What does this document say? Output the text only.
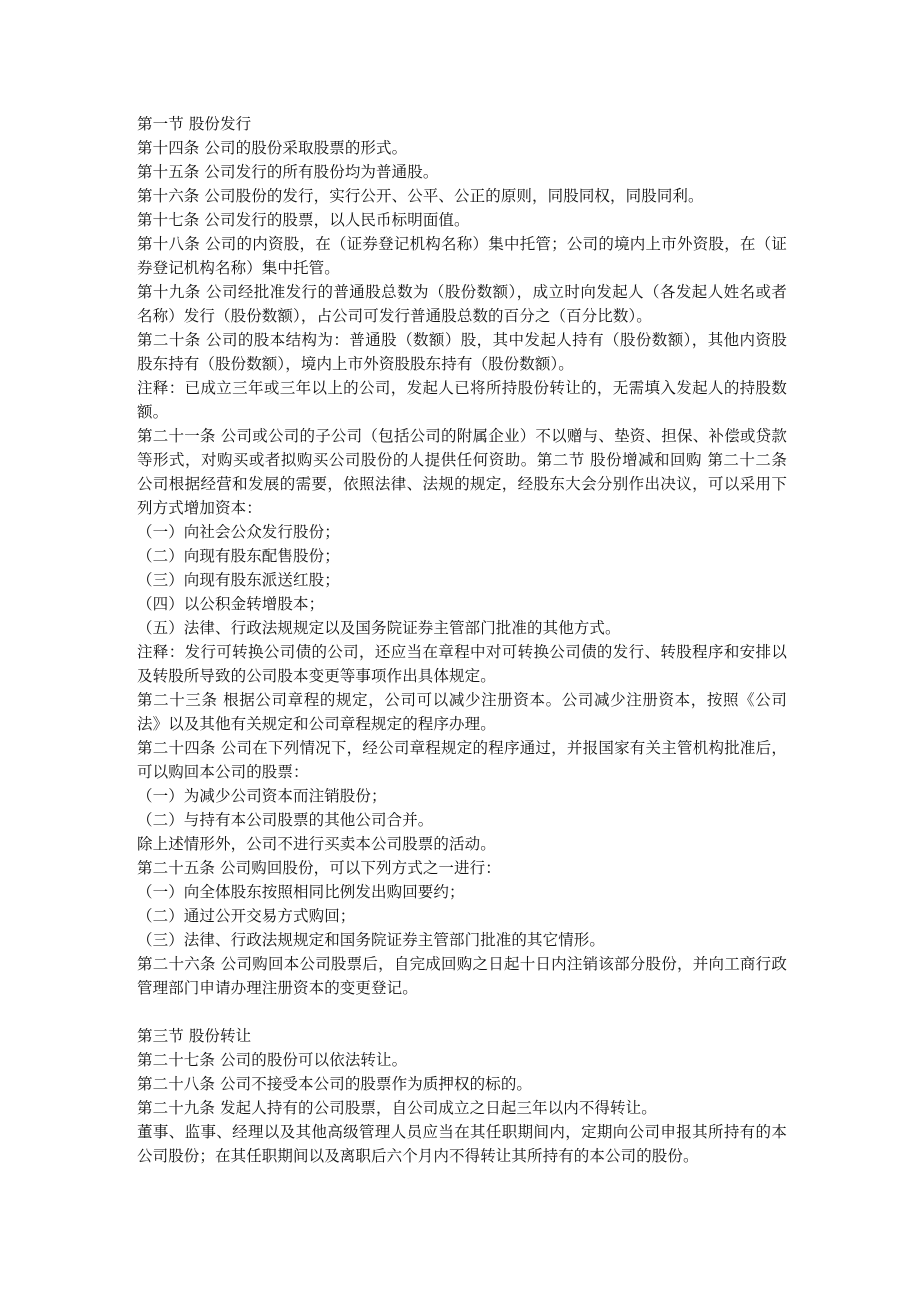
第一节 股份发行

第十四条 公司的股份采取股票的形式。

第十五条 公司发行的所有股份均为普通股。

第十六条 公司股份的发行，实行公开、公平、公正的原则，同股同权，同股同利。

第十七条 公司发行的股票，以人民币标明面值。

第十八条 公司的内资股，在（证券登记机构名称）集中托管；公司的境内上市外资股，在（证券登记机构名称）集中托管。

第十九条 公司经批准发行的普通股总数为（股份数额），成立时向发起人（各发起人姓名或者名称）发行（股份数额），占公司可发行普通股总数的百分之（百分比数）。

第二十条 公司的股本结构为：普通股（数额）股，其中发起人持有（股份数额），其他内资股股东持有（股份数额），境内上市外资股股东持有（股份数额）。

注释：已成立三年或三年以上的公司，发起人已将所持股份转让的，无需填入发起人的持股数额。

第二十一条 公司或公司的子公司（包括公司的附属企业）不以赠与、垫资、担保、补偿或贷款等形式，对购买或者拟购买公司股份的人提供任何资助。第二节 股份增减和回购 第二十二条 公司根据经营和发展的需要，依照法律、法规的规定，经股东大会分别作出决议，可以采用下列方式增加资本：

（一）向社会公众发行股份；

（二）向现有股东配售股份；

（三）向现有股东派送红股；

（四）以公积金转增股本；

（五）法律、行政法规规定以及国务院证券主管部门批准的其他方式。

注释：发行可转换公司债的公司，还应当在章程中对可转换公司债的发行、转股程序和安排以及转股所导致的公司股本变更等事项作出具体规定。

第二十三条 根据公司章程的规定，公司可以减少注册资本。公司减少注册资本，按照《公司法》以及其他有关规定和公司章程规定的程序办理。

第二十四条 公司在下列情况下，经公司章程规定的程序通过，并报国家有关主管机构批准后，可以购回本公司的股票：

（一）为减少公司资本而注销股份；

（二）与持有本公司股票的其他公司合并。

除上述情形外，公司不进行买卖本公司股票的活动。

第二十五条 公司购回股份，可以下列方式之一进行：

（一）向全体股东按照相同比例发出购回要约；

（二）通过公开交易方式购回；

（三）法律、行政法规规定和国务院证券主管部门批准的其它情形。

第二十六条 公司购回本公司股票后，自完成回购之日起十日内注销该部分股份，并向工商行政管理部门申请办理注册资本的变更登记。

第三节 股份转让

第二十七条 公司的股份可以依法转让。

第二十八条 公司不接受本公司的股票作为质押权的标的。

第二十九条 发起人持有的公司股票，自公司成立之日起三年以内不得转让。

董事、监事、经理以及其他高级管理人员应当在其任职期间内，定期向公司申报其所持有的本公司股份；在其任职期间以及离职后六个月内不得转让其所持有的本公司的股份。
